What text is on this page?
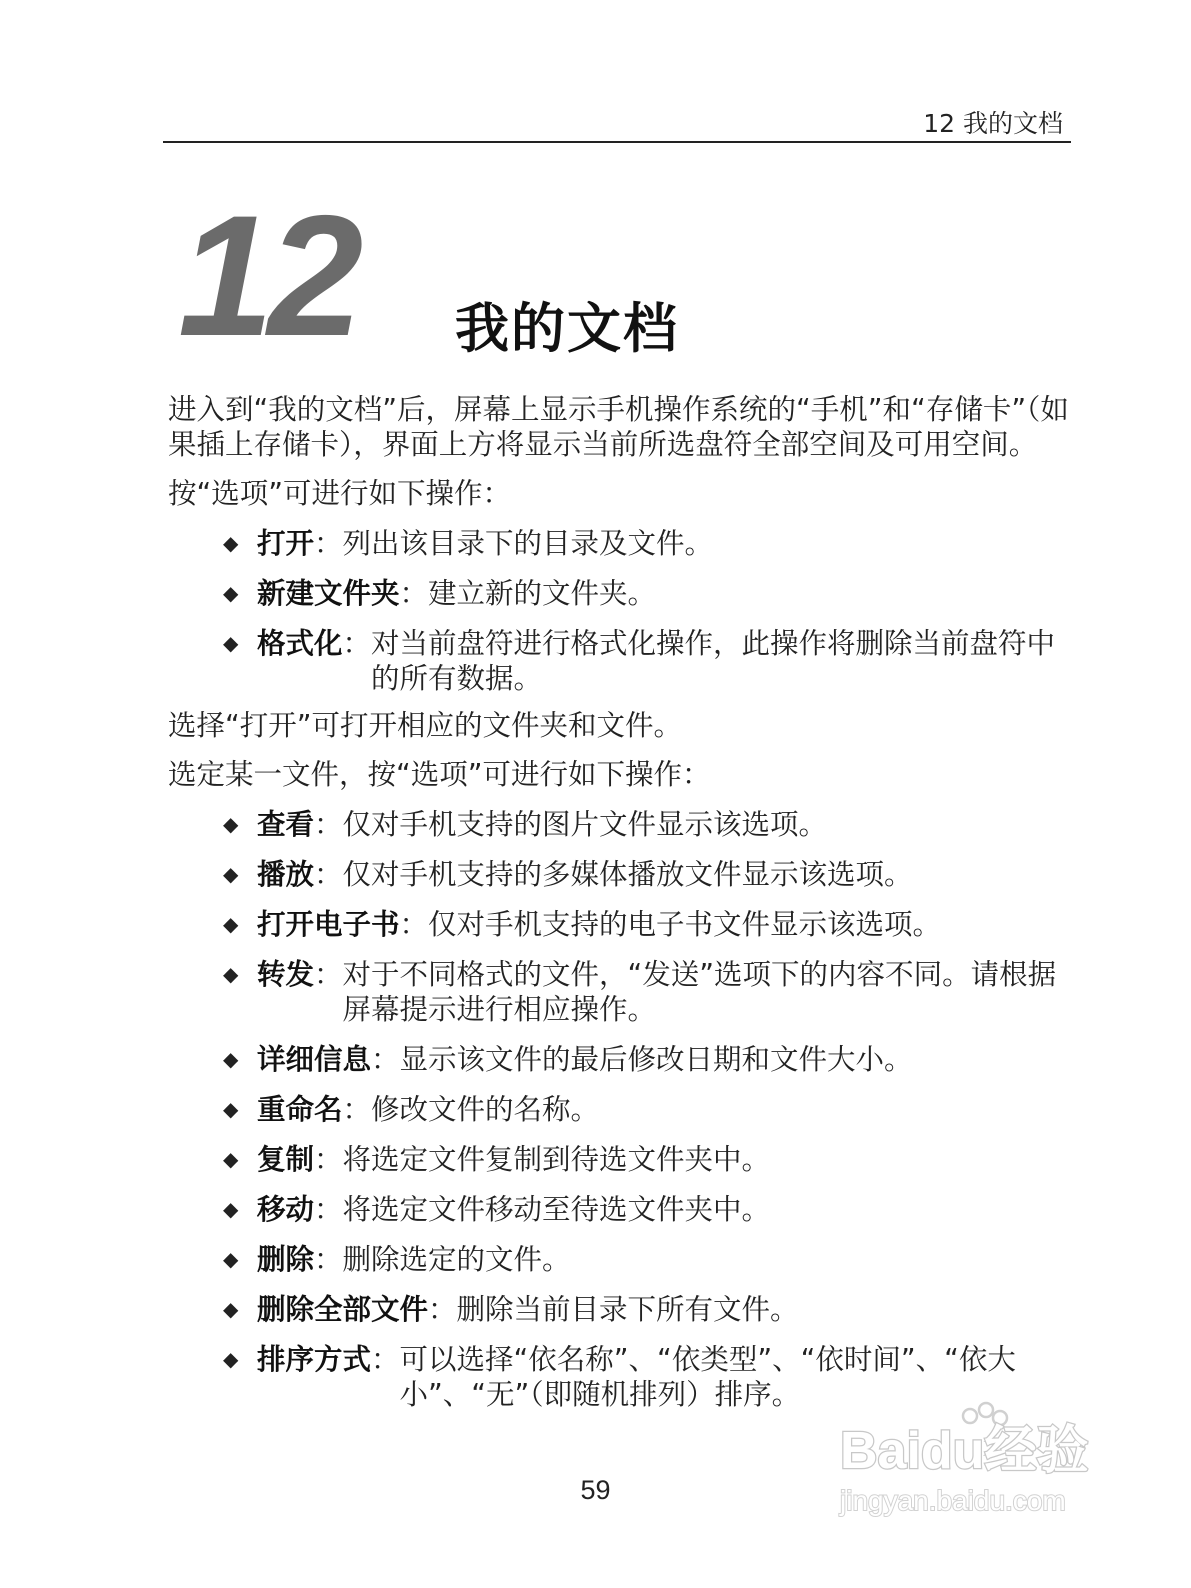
12 我的文档
12 我的文档

进入到“我的文档”后，屏幕上显示手机操作系统的“手机”和“存储卡”（如果插上存储卡），界面上方将显示当前所选盘符全部空间及可用空间。

按“选项”可进行如下操作：

◆ 打开 ： 列出该目录下的目录及文件。
◆ 新建文件夹 ： 建立新的文件夹。
◆ 格式化 ： 对当前盘符进行格式化操作，此操作将删除当前盘符中的所有数据。

选择“打开”可打开相应的文件夹和文件。

选定某一文件，按“选项”可进行如下操作：

◆ 查看 ： 仅对手机支持的图片文件显示该选项。
◆ 播放 ： 仅对手机支持的多媒体播放文件显示该选项。
◆ 打开电子书 ： 仅对手机支持的电子书文件显示该选项。
◆ 转发 ： 对于不同格式的文件，“发送”选项下的内容不同。请根据屏幕提示进行相应操作。
◆ 详细信息 ： 显示该文件的最后修改日期和文件大小。
◆ 重命名 ： 修改文件的名称。
◆ 复制 ： 将选定文件复制到待选文件夹中。
◆ 移动 ： 将选定文件移动至待选文件夹中。
◆ 删除 ： 删除选定的文件。
◆ 删除全部文件 ： 删除当前目录下所有文件。
◆ 排序方式 ： 可以选择“依名称”、“依类型”、“依时间”、“依大小”、“无”（即随机排列）排序。
59
Baidu经验
jingyan.baidu.com
